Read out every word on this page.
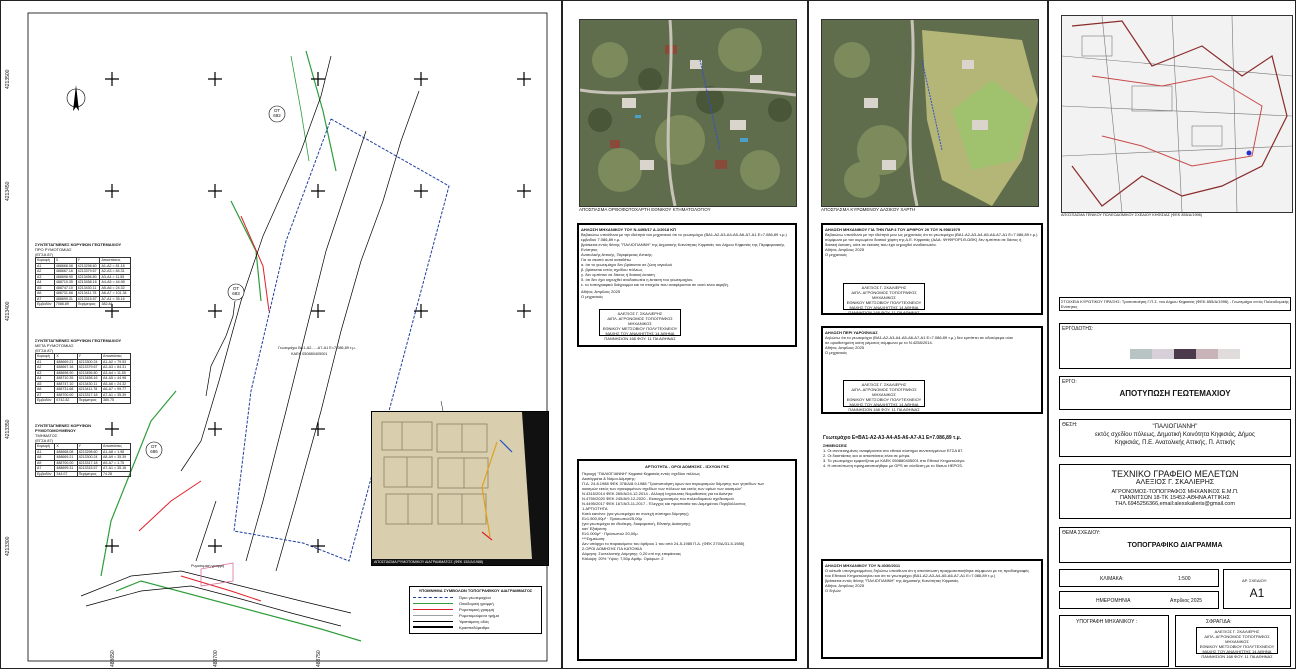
4213500
4213450
4213400
4213350
4213300
488650	488700	488750
ΟΤ
682
ΟΤ
683
ΟΤ
686
Γεωτεμάχιο ΒΑ1-Α2......Α7-Α1 Ε=7.086,89 τ.μ.
ΚΑΕΚ 050880405001
Ρυμοτομική γραμμή
ΣΥΝΤΕΤΑΓΜΕΝΕΣ ΚΟΡΥΦΩΝ ΓΕΩΤΕΜΑΧΙΟΥ
ΠΡΟ ΡΥΜΟΤΟΜΙΑΣ
(ΕΓΣΑ 87)
Κορυφή	X	Y	Αποστάσεις
Α1	488668.08	4213298.60	Α1-Α2 = 81.18
Α2	488667.16	4213379.67	Α2-Α3 = 84.31
Α3	488698.90	4213456.80	Α3-Α4 = 11.55
Α4	488710.35	4213458.16	Α4-Α5 = 44.98
Α5	488747.10	4213430.11	Α5-Α6 = 24.32
Α6	488731.68	4213411.78	Α6-Α7 = 101.34
Α7	488699.31	4213315.57	Α7-Α1 = 35.16
Εμβαδόν	7086.89	Περίμετρος	382.84
ΣΥΝΤΕΤΑΓΜΕΝΕΣ ΚΟΡΥΦΩΝ ΓΕΩΤΕΜΑΧΙΟΥ
ΜΕΤΑ ΡΥΜΟΤΟΜΙΑΣ
(ΕΓΣΑ 87)
Κορυφή	X	Y	Αποστάσεις
Α1	488669.21	4213300.24	Α1-Α2 = 79.53
Α2	488667.16	4213379.67	Α2-Α3 = 84.31
Α3	488698.90	4213456.80	Α3-Α4 = 11.55
Α4	488710.35	4213458.16	Α4-Α5 = 44.98
Α5	488747.10	4213430.11	Α5-Α6 = 24.32
Α6	488731.68	4213411.78	Α6-Α7 = 99.77
Α7	488700.00	4213317.18	Α7-Α1 = 35.39
Εμβαδόν	6742.82	Περίμετρος	380.75
ΣΥΝΤΕΤΑΓΜΕΝΕΣ ΚΟΡΥΦΩΝ ΡΥΜΟΤΟΜΟΥΜΕΝΟΥ
ΤΜΗΜΑΤΟΣ
(ΕΓΣΑ 87)
Κορυφή	X	Y	Αποστάσεις
Α1	488668.08	4213298.60	Α1-Α8 = 1.98
Α8	488669.21	4213300.24	Α8-Α9 = 35.39
Α9	488700.00	4213317.18	Α9-Α7 = 1.75
Α7	488699.31	4213315.57	Α7-Α1 = 35.16
Εμβαδόν	344.07	Περίμετρος	74.28
ΑΠΟΣΠΑΣΜΑ ΡΥΜΟΤΟΜΙΚΟΥ ΔΙΑΓΡΑΜΜΑΤΟΣ (ΦΕΚ 152/Δ/1988)
ΥΠΟΜΝΗΜΑ ΣΥΜΒΟΛΩΝ ΤΟΠΟΓΡΑΦΙΚΟΥ ΔΙΑΓΡΑΜΜΑΤΟΣ
Όριο γεωτεμαχίου
Οικοδομική γραμμή
Ρυμοτομική γραμμή
Ρυμοτομούμενο τμήμα
Υφιστάμενη οδός
Κρασπεδόρειθρο
ΑΠΟΣΠΑΣΜΑ ΟΡΘΟΦΩΤΟΧΑΡΤΗ ΕΘΝΙΚΟΥ ΚΤΗΜΑΤΟΛΟΓΙΟΥ
ΔΗΛΩΣΗ ΜΗΧΑΝΙΚΟΥ ΤΟΥ Ν.4495/17 Α.1/2018 ΚΠ
Βεβαιώνω υπεύθυνα με την ιδιότητά του μηχανικού ότι το γεωτεμάχιο (ΒΑ1-Α2-Α3-Α4-Α5-Α6-Α7-Α1 Ε=7.086,89 τ.μ.) εμβαδού 7.086,89 τ.μ.
βρίσκεται εντός θέσης "ΠΑΛΙΟΓΙΑΝΝΗ" της Δημοτικής Κοινότητας Κηφισιάς του Δήμου Κηφισιάς της Περιφερειακής Ενότητας
Ανατολικής Αττικής, Περιφέρειας Αττικής.
Για το σκοπό αυτό καταθέτω
α. ότι το γεωτεμάχιο δεν βρίσκεται σε ζώνη αιγιαλού
β. βρίσκεται εντός σχεδίου πόλεως
γ. δεν εμπίπτει σε δάσος ή δασική έκταση
δ. ότι δεν έχει κηρυχθεί αναδασωτέα η έκταση του γεωτεμαχίου.
ε. το τοπογραφικό διάγραμμα και τα στοιχεία που αναφέρονται σε αυτό είναι ακριβή.
Αθήνα, Απρίλιος 2025
Ο μηχανικός
ΑΛΕΞΙΟΣ Γ. ΣΚΑΛΙΕΡΗΣ
ΔΙΠΛ. ΑΓΡΟΝΟΜΟΣ ΤΟΠΟΓΡΑΦΟΣ ΜΗΧΑΝΙΚΟΣ
ΕΘΝΙΚΟΥ ΜΕΤΣΟΒΙΟΥ ΠΟΛΥΤΕΧΝΕΙΟΥ
ΜΑΧΗΣ ΤΟΥ ΑΝΑΛΗΠΤΗΣ 14 ΑΘΗΝΑ
ΠΑΝΝΗΣΙΟΝ 168 ΦΟΥ. 11 ΠΑ ΑΘΗΝΑΣ
ΑΡΤΙΟΤΗΤΑ - ΟΡΟΙ ΔΟΜΗΣΗΣ - ΙΣΧΥΟΝ ΓΗΣ
Περιοχή "ΠΑΛΙΟΓΙΑΝΝΗ" Κηφισιά Κηφισιάς εντός σχεδίου πόλεως
Διατάγματα & Νόμοι Δόμησης:
Π.Δ. 24.8.1988 ΦΕΚ 378/Δ/8.9.1988 "Τροποποίηση όρων και περιορισμών δόμησης των γηπέδων των
οικισμών εκτός των εγκεκριμένων σχεδίων των πόλεων και εκτός των ορίων των οικισμών"
Ν.4315/2014 ΦΕΚ 269/Α/24-12-2014 - Αλλαγή Ισχύουσας Νομοθεσίας για τα Ακίνητα
Ν.4759/2020 ΦΕΚ 245/Α/9-12-2020 - Εκσυγχρονισμός του πολεοδομικού σχεδιασμού
Ν.4495/2017 ΦΕΚ 167/Α/3-11-2017 - Έλεγχος και προστασία του Δομημένου Περιβάλλοντος
1.ΑΡΤΙΟΤΗΤΑ
Κατά κανόνα: (για γεωτεμάχια σε συνεχή σύστημα δόμησης)
Ε≥1.500,00μ² · Πρόσωπο≥25,00μ
(για γεωτεμάχια σε ιδιαίτερη, διαφορετική, Εθνικής Διοίκησης)
κατ' Εξαίρεση:
Ε≥1.000μ² · Πρόσωπο≥ 20,00μ
***Σημείωση:
Δεν υπάρχει το παρακείμενο του άρθρου 1 του από 24-5-1985 Π.Δ. (ΦΕΚ 270/Δ/31-5-1985)
2.ΟΡΟΙ ΔΟΜΗΣΗΣ ΓΙΑ ΚΑΤΟΙΚΙΑ
Δόμηση: Συντελεστής Δόμησης: 0,20 επί της επιφάνειας
Κάλυψη: 20% Ύψος: 7,50μ Αριθμ. Ορόφων: 2
ΑΠΟΣΠΑΣΜΑ ΚΥΡΩΜΕΝΟΥ ΔΑΣΙΚΟΥ ΧΑΡΤΗ
ΔΗΛΩΣΗ ΜΗΧΑΝΙΚΟΥ ΓΙΑ ΤΗΝ ΠΑΡ.4 ΤΟΥ ΑΡΘΡΟΥ 20 ΤΟΥ Ν.998/1979
Βεβαιώνω υπεύθυνα με την ιδιότητά μου ως μηχανικός ότι το γεωτεμάχιο (ΒΑ1-Α2-Α3-Α4-Α5-Α6-Α7-Α1 Ε=7.086,89 τ.μ.)
σύμφωνα με τον κυρωμένο δασικό χάρτη της Δ.Ε. Κηφισιάς (ΑΔΑ: ΨΗΦΡΟΡ1Θ-ΩΘΚ) δεν εμπίπτει σε δάσος ή
δασική έκταση, ούτε σε έκταση που έχει κηρυχθεί αναδασωτέα.
Αθήνα, Απρίλιος 2025
Ο μηχανικός
ΑΛΕΞΙΟΣ Γ. ΣΚΑΛΙΕΡΗΣ
ΔΙΠΛ. ΑΓΡΟΝΟΜΟΣ ΤΟΠΟΓΡΑΦΟΣ ΜΗΧΑΝΙΚΟΣ
ΕΘΝΙΚΟΥ ΜΕΤΣΟΒΙΟΥ ΠΟΛΥΤΕΧΝΕΙΟΥ
ΜΑΧΗΣ ΤΟΥ ΑΝΑΛΗΠΤΗΣ 14 ΑΘΗΝΑ
ΠΑΝΝΗΣΙΟΝ 168 ΦΟΥ. 11 ΠΑ ΑΘΗΝΑΣ
ΔΗΛΩΣΗ ΠΕΡΙ ΥΔΡΟΦΙΛΙΑΣ
Δηλώνω ότι το γεωτεμάχιο (ΒΑ1-Α2-Α3-Α4-Α5-Α6-Α7-Α1 Ε=7.086,89 τ.μ.) δεν εμπίπτει σε υδατόρεμα ούτε
σε οριοθετημένη κοίτη ρέματος σύμφωνα με το Ν.4258/2014.
Αθήνα, Απρίλιος 2025
Ο μηχανικός
ΑΛΕΞΙΟΣ Γ. ΣΚΑΛΙΕΡΗΣ
ΔΙΠΛ. ΑΓΡΟΝΟΜΟΣ ΤΟΠΟΓΡΑΦΟΣ ΜΗΧΑΝΙΚΟΣ
ΕΘΝΙΚΟΥ ΜΕΤΣΟΒΙΟΥ ΠΟΛΥΤΕΧΝΕΙΟΥ
ΜΑΧΗΣ ΤΟΥ ΑΝΑΛΗΠΤΗΣ 14 ΑΘΗΝΑ
ΠΑΝΝΗΣΙΟΝ 168 ΦΟΥ. 11 ΠΑ ΑΘΗΝΑΣ
Γεωτεμάχιο Ε=ΒΑ1-Α2-Α3-Α4-Α5-Α6-Α7-Α1 Ε=7.086,89 τ.μ.
ΣΗΜΕΙΩΣΕΙΣ
1. Οι συντεταγμένες αναφέρονται στο εθνικό σύστημα συντεταγμένων ΕΓΣΑ 87.
2. Οι διαστάσεις και οι αποστάσεις είναι σε μέτρα.
3. Το γεωτεμάχιο εμφανίζεται με ΚΑΕΚ 050880405001 στο Εθνικό Κτηματολόγιο.
4. Η αποτύπωση πραγματοποιήθηκε με GPS σε σύνδεση με το δίκτυο HEPOS.
ΔΗΛΩΣΗ ΜΗΧΑΝΙΚΟΥ ΤΟΥ Ν.4030/2011
Ο κάτωθι υπογεγραμμένος δηλώνω υπεύθυνα ότι η αποτύπωση πραγματοποιήθηκε σύμφωνα με τις προδιαγραφές
του Εθνικού Κτηματολογίου και ότι το γεωτεμάχιο (ΒΑ1-Α2-Α3-Α4-Α5-Α6-Α7-Α1 Ε=7.086,89 τ.μ.)
βρίσκεται εντός θέσης "ΠΑΛΙΟΓΙΑΝΝΗ" της Δημοτικής Κοινότητας Κηφισιάς.
Αθήνα, Απρίλιος 2025
Ο δηλών
ΑΠΟΣΠΑΣΜΑ ΓΕΝΙΚΟΥ ΠΟΛΕΟΔΟΜΙΚΟΥ ΣΧΕΔΙΟΥ ΚΗΦΙΣΙΑΣ (ΦΕΚ 855/Δ/1996)
ΣΤΟΙΧΕΙΑ ΚΥΡΩΤΙΚΟΥ ΠΡΑΞΗΣ: Τροποποίηση Γ.Π.Σ. του Δήμου Κηφισιάς (ΦΕΚ 855/Δ/1996) - Γεωτεμάχιο εντός Πολεοδομικής Ενότητας
ΕΡΓΟΔΟΤΗΣ:
ΕΡΓΟ:
ΑΠΟΤΥΠΩΣΗ ΓΕΩΤΕΜΑΧΙΟΥ
ΘΕΣΗ:	"ΠΑΛΙΟΓΙΑΝΝΗ"
εκτός σχεδίου πόλεως, Δημοτική Κοινότητα Κηφισιάς, Δήμος
Κηφισιάς, Π.Ε. Ανατολικής Αττικής, Π. Αττικής
ΤΕΧΝΙΚΟ ΓΡΑΦΕΙΟ ΜΕΛΕΤΩΝ
ΑΛΕΞΙΟΣ Γ. ΣΚΑΛΙΕΡΗΣ
ΑΓΡΟΝΟΜΟΣ-ΤΟΠΟΓΡΑΦΟΣ ΜΗΧΑΝΙΚΟΣ Ε.Μ.Π.
ΠΑΝΝΙΤΣΩΝ 18-ΤΚ 15452-ΑΘΗΝΑ ΑΤΤΙΚΗΣ
ΤΗΛ.6945256366,email:alexskalieris@gmail.com
ΘΕΜΑ ΣΧΕΔΙΟΥ:
ΤΟΠΟΓΡΑΦΙΚΟ ΔΙΑΓΡΑΜΜΑ
ΚΛΙΜΑΚΑ:	1:500
ΗΜΕΡΟΜΗΝΙΑ	Απρίλιος 2025
ΑΡ. ΣΧΕΔΙΟΥ:
Α1
ΥΠΟΓΡΑΦΗ ΜΗΧΑΝΙΚΟΥ :	ΣΦΡΑΓΙΔΑ:
ΑΛΕΞΙΟΣ Γ. ΣΚΑΛΙΕΡΗΣ
ΔΙΠΛ. ΑΓΡΟΝΟΜΟΣ ΤΟΠΟΓΡΑΦΟΣ ΜΗΧΑΝΙΚΟΣ
ΕΘΝΙΚΟΥ ΜΕΤΣΟΒΙΟΥ ΠΟΛΥΤΕΧΝΕΙΟΥ
ΜΑΧΗΣ ΤΟΥ ΑΝΑΛΗΠΤΗΣ 14 ΑΘΗΝΑ
ΠΑΝΝΗΣΙΟΝ 168 ΦΟΥ. 11 ΠΑ ΑΘΗΝΑΣ
